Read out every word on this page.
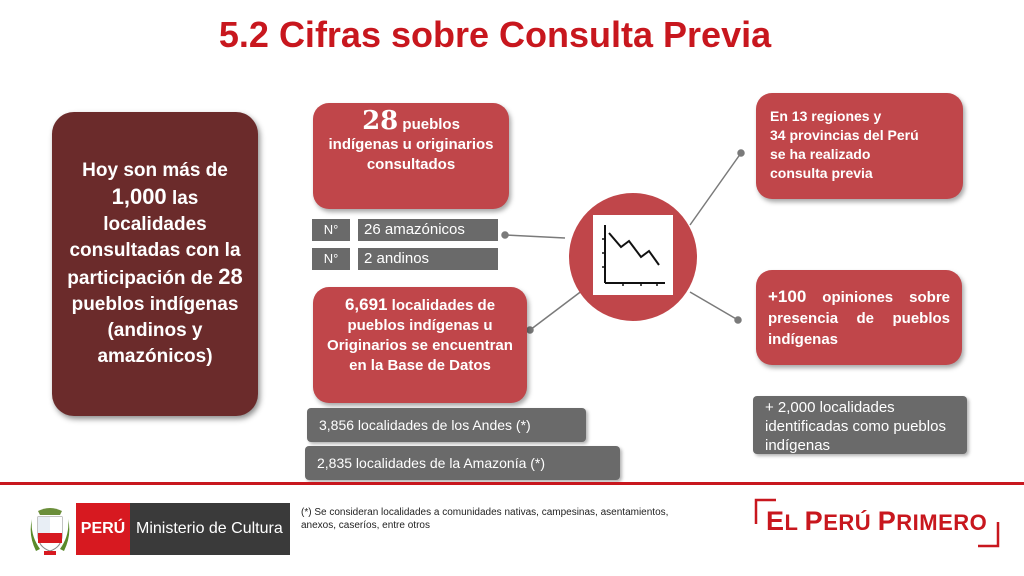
5.2 Cifras sobre Consulta Previa
Hoy son más de
1,000 las localidades consultadas con la participación de 28 pueblos indígenas (andinos y amazónicos)
28 pueblos
indígenas u originarios consultados
N°	26 amazónicos
N°	2 andinos
6,691 localidades de pueblos indígenas u Originarios se encuentran en la Base de Datos
3,856 localidades de los Andes (*)
2,835 localidades de la Amazonía (*)
En 13 regiones y
34 provincias del Perú
se ha realizado
consulta previa
+100 opiniones sobre presencia de pueblos indígenas
+ 2,000 localidades identificadas como pueblos indígenas
PERÚ Ministerio de Cultura
(*) Se consideran localidades a comunidades nativas, campesinas, asentamientos, anexos, caseríos, entre otros	EL PERÚ PRIMERO
